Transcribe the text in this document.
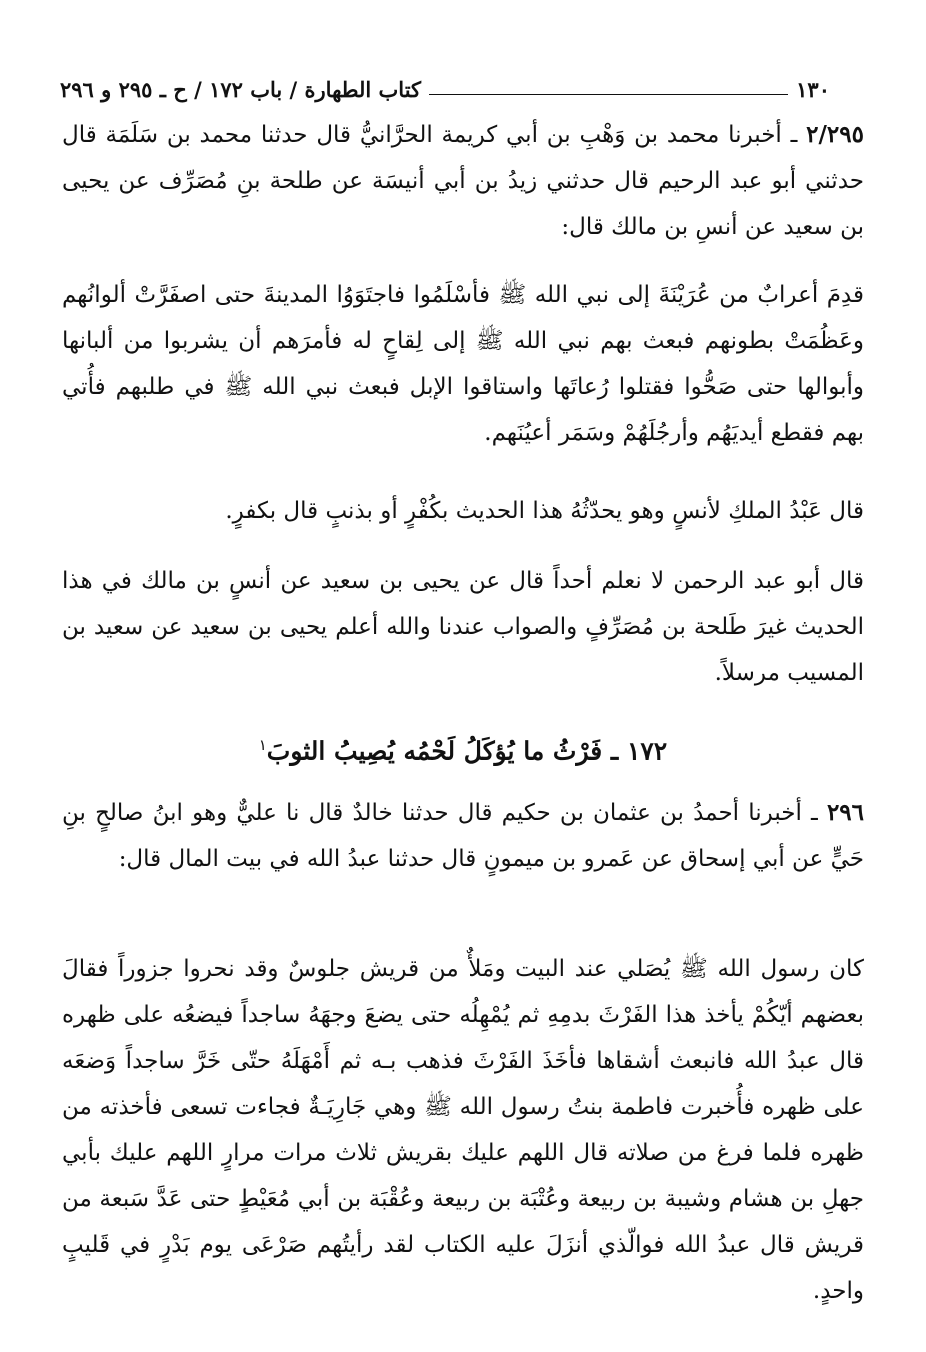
١٣٠
كتاب الطهارة / باب ١٧٢ / ح ـ ٢٩٥ و ٢٩٦

٢/٢٩٥ ـ أخبرنا محمد بن وَهْبِ بن أبي كريمة الحرَّانيُّ قال حدثنا محمد بن سَلَمَة قال حدثني أبو عبد الرحيم قال حدثني زيدُ بن أبي أنيسَة عن طلحة بنِ مُصَرِّف عن يحيى بن سعيد عن أنسِ بن مالك قال:

قدِمَ أعرابٌ من عُرَيْنَةَ إلى نبي الله ﷺ فأسْلَمُوا فاجتَوَوُا المدينةَ حتى اصفَرَّتْ ألوانُهم وعَظُمَتْ بطونهم فبعث بهم نبي الله ﷺ إلى لِقاحٍ له فأمرَهم أن يشربوا من ألبانها وأبوالها حتى صَحُّوا فقتلوا رُعاتَها واستاقوا الإبل فبعث نبي الله ﷺ في طلبهم فأُتي بهم فقطع أيديَهُم وأرجُلَهُمْ وسَمَر أعيُنَهم.

قال عَبْدُ الملكِ لأنسٍ وهو يحدّثُهُ هذا الحديث بكُفْرٍ أو بذنبٍ قال بكفرٍ.

قال أبو عبد الرحمن لا نعلم أحداً قال عن يحيى بن سعيد عن أنسٍ بن مالك في هذا الحديث غيرَ طَلحة بن مُصَرِّفٍ والصواب عندنا والله أعلم يحيى بن سعيد عن سعيد بن المسيب مرسلاً.

١٧٢ ـ فَرْثُ ما يُؤكَلُ لَحْمُه يُصِيبُ الثوبَ$^١$

٢٩٦ ـ أخبرنا أحمدُ بن عثمان بن حكيم قال حدثنا خالدٌ قال نا عليٌّ وهو ابنُ صالحٍ بنِ حَيٍّ عن أبي إسحاق عن عَمرو بن ميمونٍ قال حدثنا عبدُ الله في بيت المال قال:

كان رسول الله ﷺ يُصَلي عند البيت ومَلأٌ من قريش جلوسٌ وقد نحروا جزوراً فقالَ بعضهم أيّكُمْ يأخذ هذا الفَرْثَ بدمِهِ ثم يُمْهِلُه حتى يضعَ وجهَهُ ساجداً فيضعُه على ظهره قال عبدُ الله فانبعث أشقاها فأخَذَ الفَرْثَ فذهب بـه ثم أَمْهَلَهُ حتّى خَرَّ ساجداً وَضعَه على ظهره فأُخبرت فاطمة بنتُ رسول الله ﷺ وهي جَارِيَـةٌ فجاءت تسعى فأخذته من ظهره فلما فرغ من صلاته قال اللهم عليك بقريش ثلاث مرات مرارٍ اللهم عليك بأبي جهلِ بن هشام وشيبة بن ربيعة وعُتْبَة بن ربيعة وعُقْبَة بن أبي مُعَيْطٍ حتى عَدَّ سَبعة من قريش قال عبدُ الله فوالّذي أنزَلَ عليه الكتاب لقد رأيتُهم صَرْعَى يوم بَدْرٍ في قَليبٍ واحدٍ.
